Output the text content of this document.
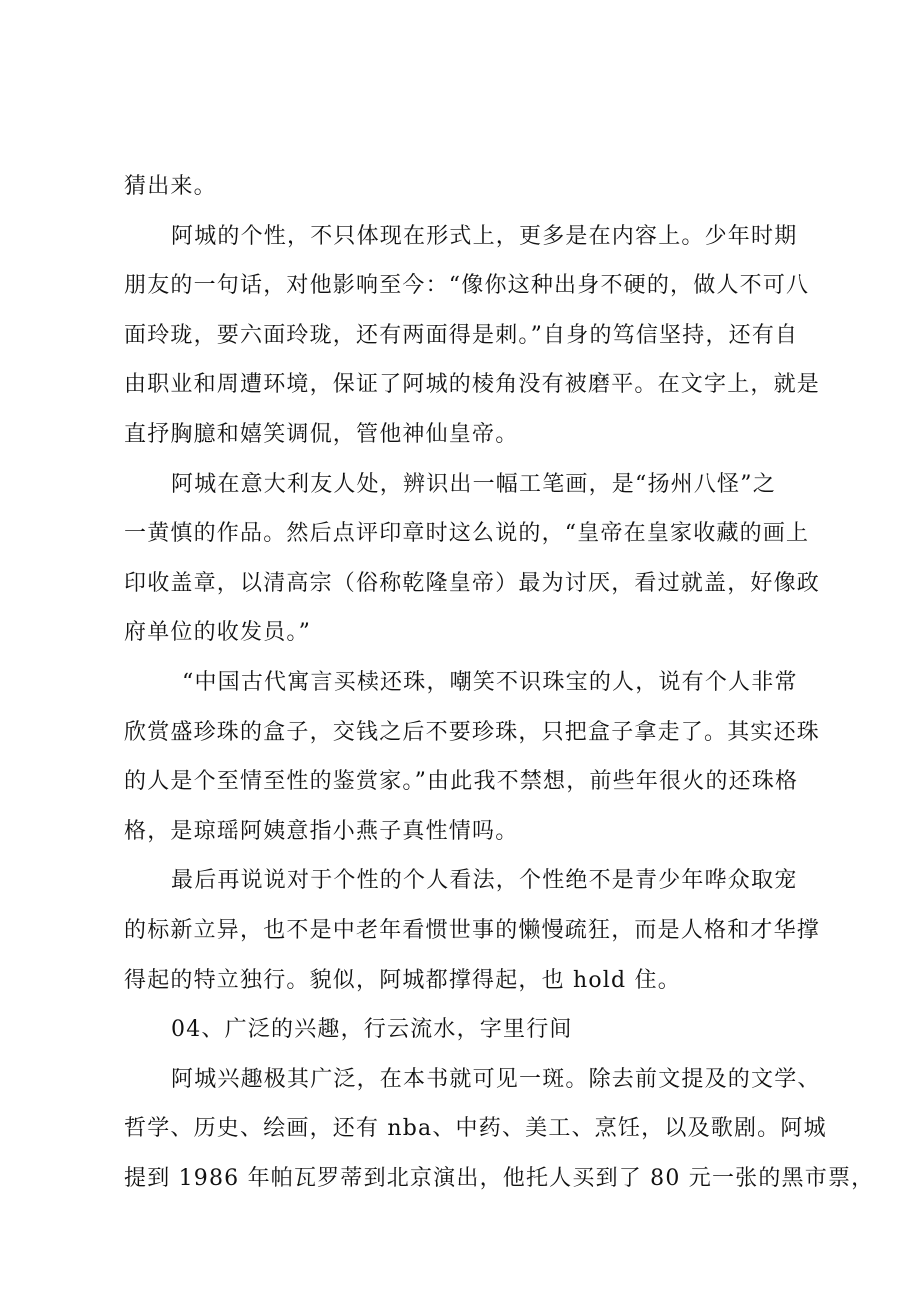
猜出来。
阿城的个性，不只体现在形式上，更多是在内容上。少年时期
朋友的一句话，对他影响至今：“像你这种出身不硬的，做人不可八
面玲珑，要六面玲珑，还有两面得是刺。”自身的笃信坚持，还有自
由职业和周遭环境，保证了阿城的棱角没有被磨平。在文字上，就是
直抒胸臆和嬉笑调侃，管他神仙皇帝。
阿城在意大利友人处，辨识出一幅工笔画，是“扬州八怪”之
一黄慎的作品。然后点评印章时这么说的，“皇帝在皇家收藏的画上
印收盖章，以清高宗（俗称乾隆皇帝）最为讨厌，看过就盖，好像政
府单位的收发员。”
“中国古代寓言买椟还珠，嘲笑不识珠宝的人，说有个人非常
欣赏盛珍珠的盒子，交钱之后不要珍珠，只把盒子拿走了。其实还珠
的人是个至情至性的鉴赏家。”由此我不禁想，前些年很火的还珠格
格，是琼瑶阿姨意指小燕子真性情吗。
最后再说说对于个性的个人看法，个性绝不是青少年哗众取宠
的标新立异，也不是中老年看惯世事的懒慢疏狂，而是人格和才华撑
得起的特立独行。貌似，阿城都撑得起，也 hold 住。
04、广泛的兴趣，行云流水，字里行间
阿城兴趣极其广泛，在本书就可见一斑。除去前文提及的文学、
哲学、历史、绘画，还有 nba、中药、美工、烹饪，以及歌剧。阿城
提到 1986 年帕瓦罗蒂到北京演出，他托人买到了 80 元一张的黑市票，
